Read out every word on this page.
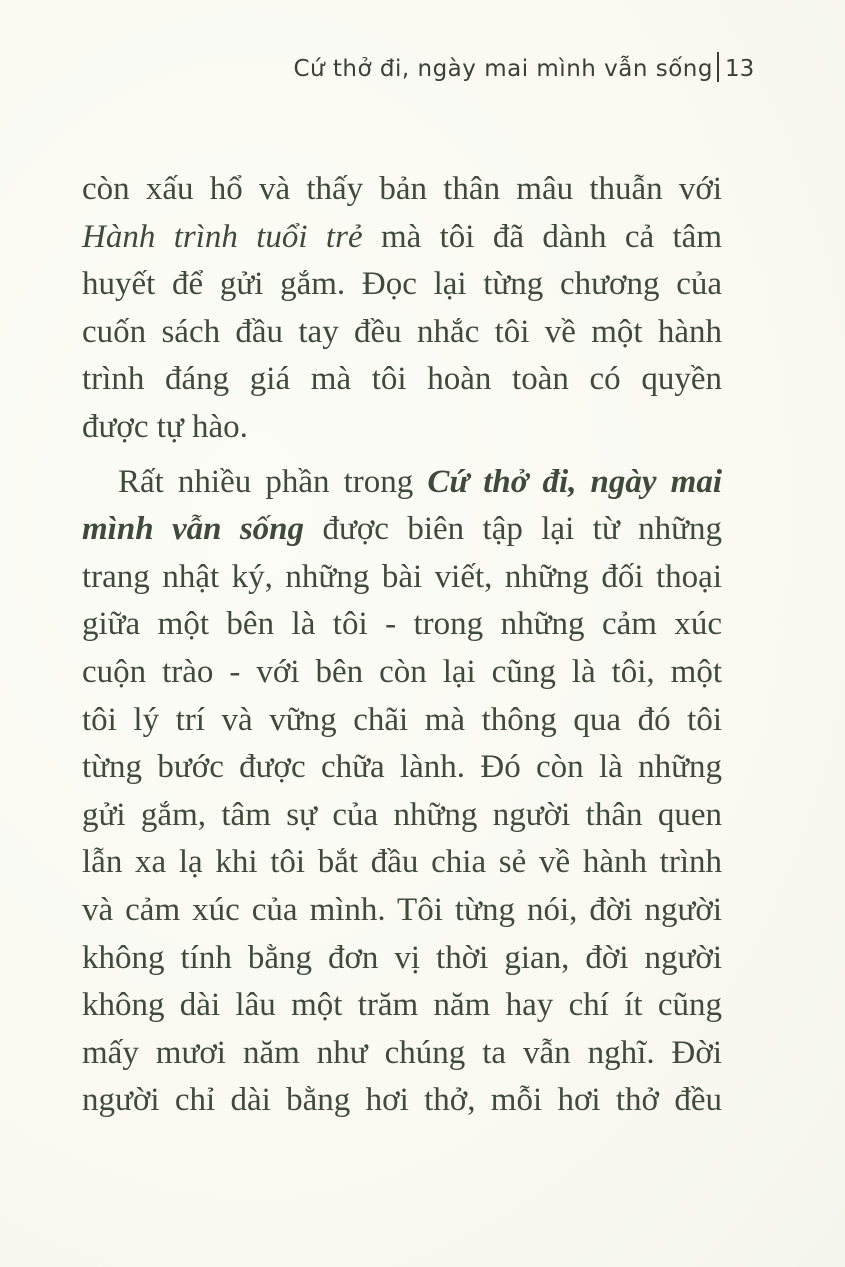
Cứ thở đi, ngày mai mình vẫn sống 13
còn xấu hổ và thấy bản thân mâu thuẫn với
Hành trình tuổi trẻ mà tôi đã dành cả tâm
huyết để gửi gắm. Đọc lại từng chương của
cuốn sách đầu tay đều nhắc tôi về một hành
trình đáng giá mà tôi hoàn toàn có quyền
được tự hào.
Rất nhiều phần trong Cứ thở đi, ngày mai
mình vẫn sống được biên tập lại từ những
trang nhật ký, những bài viết, những đối thoại
giữa một bên là tôi - trong những cảm xúc
cuộn trào - với bên còn lại cũng là tôi, một
tôi lý trí và vững chãi mà thông qua đó tôi
từng bước được chữa lành. Đó còn là những
gửi gắm, tâm sự của những người thân quen
lẫn xa lạ khi tôi bắt đầu chia sẻ về hành trình
và cảm xúc của mình. Tôi từng nói, đời người
không tính bằng đơn vị thời gian, đời người
không dài lâu một trăm năm hay chí ít cũng
mấy mươi năm như chúng ta vẫn nghĩ. Đời
người chỉ dài bằng hơi thở, mỗi hơi thở đều
